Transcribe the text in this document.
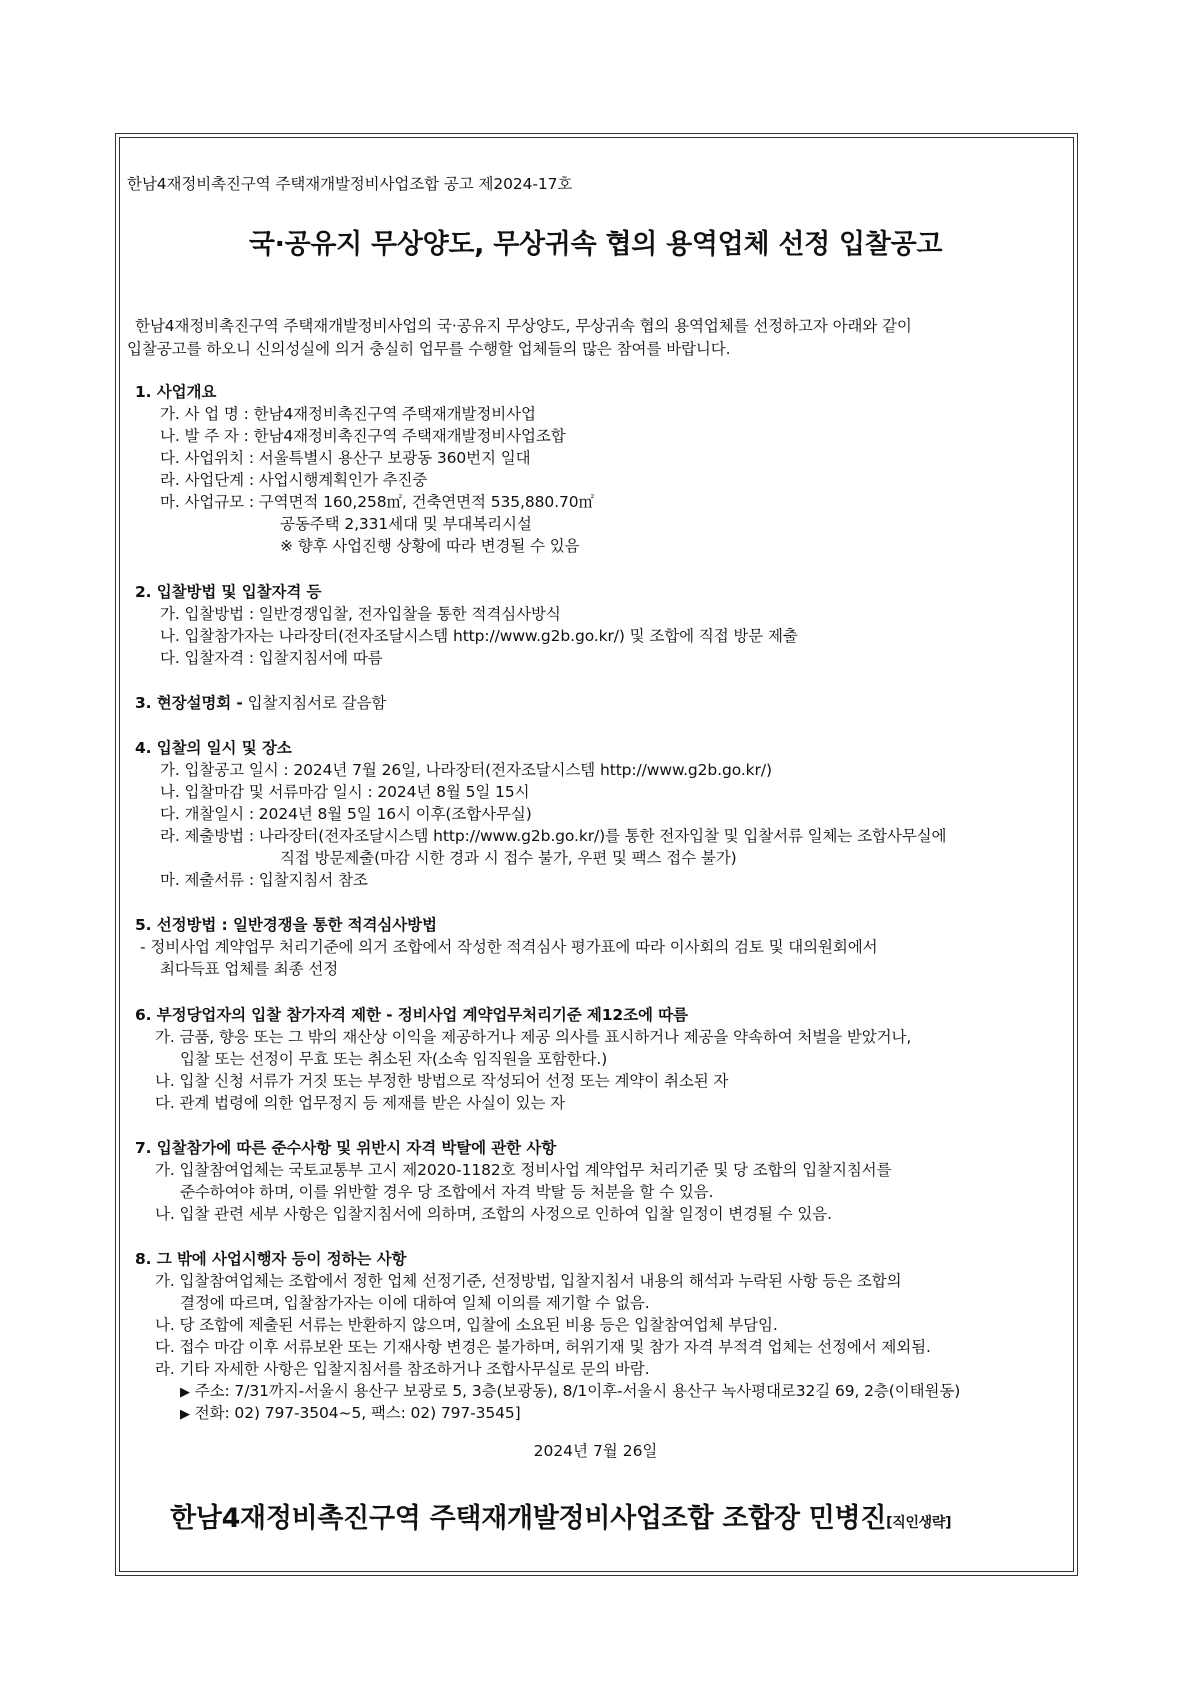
한남4재정비촉진구역 주택재개발정비사업조합 공고 제2024-17호
국·공유지 무상양도, 무상귀속 협의 용역업체 선정 입찰공고
한남4재정비촉진구역 주택재개발정비사업의 국·공유지 무상양도, 무상귀속 협의 용역업체를 선정하고자 아래와 같이
입찰공고를 하오니 신의성실에 의거 충실히 업무를 수행할 업체들의 많은 참여를 바랍니다.
1. 사업개요
가. 사 업 명 : 한남4재정비촉진구역 주택재개발정비사업
나. 발 주 자 : 한남4재정비촉진구역 주택재개발정비사업조합
다. 사업위치 : 서울특별시 용산구 보광동 360번지 일대
라. 사업단계 : 사업시행계획인가 추진중
마. 사업규모 : 구역면적 160,258㎡, 건축연면적 535,880.70㎡
공동주택 2,331세대 및 부대복리시설
※ 향후 사업진행 상황에 따라 변경될 수 있음
2. 입찰방법 및 입찰자격 등
가. 입찰방법 : 일반경쟁입찰, 전자입찰을 통한 적격심사방식
나. 입찰참가자는 나라장터(전자조달시스템 http://www.g2b.go.kr/) 및 조합에 직접 방문 제출
다. 입찰자격 : 입찰지침서에 따름
3. 현장설명회 - 입찰지침서로 갈음함
4. 입찰의 일시 및 장소
가. 입찰공고 일시 : 2024년 7월 26일, 나라장터(전자조달시스템 http://www.g2b.go.kr/)
나. 입찰마감 및 서류마감 일시 : 2024년 8월 5일 15시
다. 개찰일시 : 2024년 8월 5일 16시 이후(조합사무실)
라. 제출방법 : 나라장터(전자조달시스템 http://www.g2b.go.kr/)를 통한 전자입찰 및 입찰서류 일체는 조합사무실에
직접 방문제출(마감 시한 경과 시 접수 불가, 우편 및 팩스 접수 불가)
마. 제출서류 : 입찰지침서 참조
5. 선정방법 : 일반경쟁을 통한 적격심사방법
- 정비사업 계약업무 처리기준에 의거 조합에서 작성한 적격심사 평가표에 따라 이사회의 검토 및 대의원회에서
최다득표 업체를 최종 선정
6. 부정당업자의 입찰 참가자격 제한 - 정비사업 계약업무처리기준 제12조에 따름
가. 금품, 향응 또는 그 밖의 재산상 이익을 제공하거나 제공 의사를 표시하거나 제공을 약속하여 처벌을 받았거나,
입찰 또는 선정이 무효 또는 취소된 자(소속 임직원을 포함한다.)
나. 입찰 신청 서류가 거짓 또는 부정한 방법으로 작성되어 선정 또는 계약이 취소된 자
다. 관계 법령에 의한 업무정지 등 제재를 받은 사실이 있는 자
7. 입찰참가에 따른 준수사항 및 위반시 자격 박탈에 관한 사항
가. 입찰참여업체는 국토교통부 고시 제2020-1182호 정비사업 계약업무 처리기준 및 당 조합의 입찰지침서를
준수하여야 하며, 이를 위반할 경우 당 조합에서 자격 박탈 등 처분을 할 수 있음.
나. 입찰 관련 세부 사항은 입찰지침서에 의하며, 조합의 사정으로 인하여 입찰 일정이 변경될 수 있음.
8. 그 밖에 사업시행자 등이 정하는 사항
가. 입찰참여업체는 조합에서 정한 업체 선정기준, 선정방법, 입찰지침서 내용의 해석과 누락된 사항 등은 조합의
결정에 따르며, 입찰참가자는 이에 대하여 일체 이의를 제기할 수 없음.
나. 당 조합에 제출된 서류는 반환하지 않으며, 입찰에 소요된 비용 등은 입찰참여업체 부담임.
다. 접수 마감 이후 서류보완 또는 기재사항 변경은 불가하며, 허위기재 및 참가 자격 부적격 업체는 선정에서 제외됨.
라. 기타 자세한 사항은 입찰지침서를 참조하거나 조합사무실로 문의 바람.
▶ 주소: 7/31까지-서울시 용산구 보광로 5, 3층(보광동), 8/1이후-서울시 용산구 녹사평대로32길 69, 2층(이태원동)
▶ 전화: 02) 797-3504~5, 팩스: 02) 797-3545]
2024년 7월 26일
한남4재정비촉진구역 주택재개발정비사업조합 조합장 민병진[직인생략]
